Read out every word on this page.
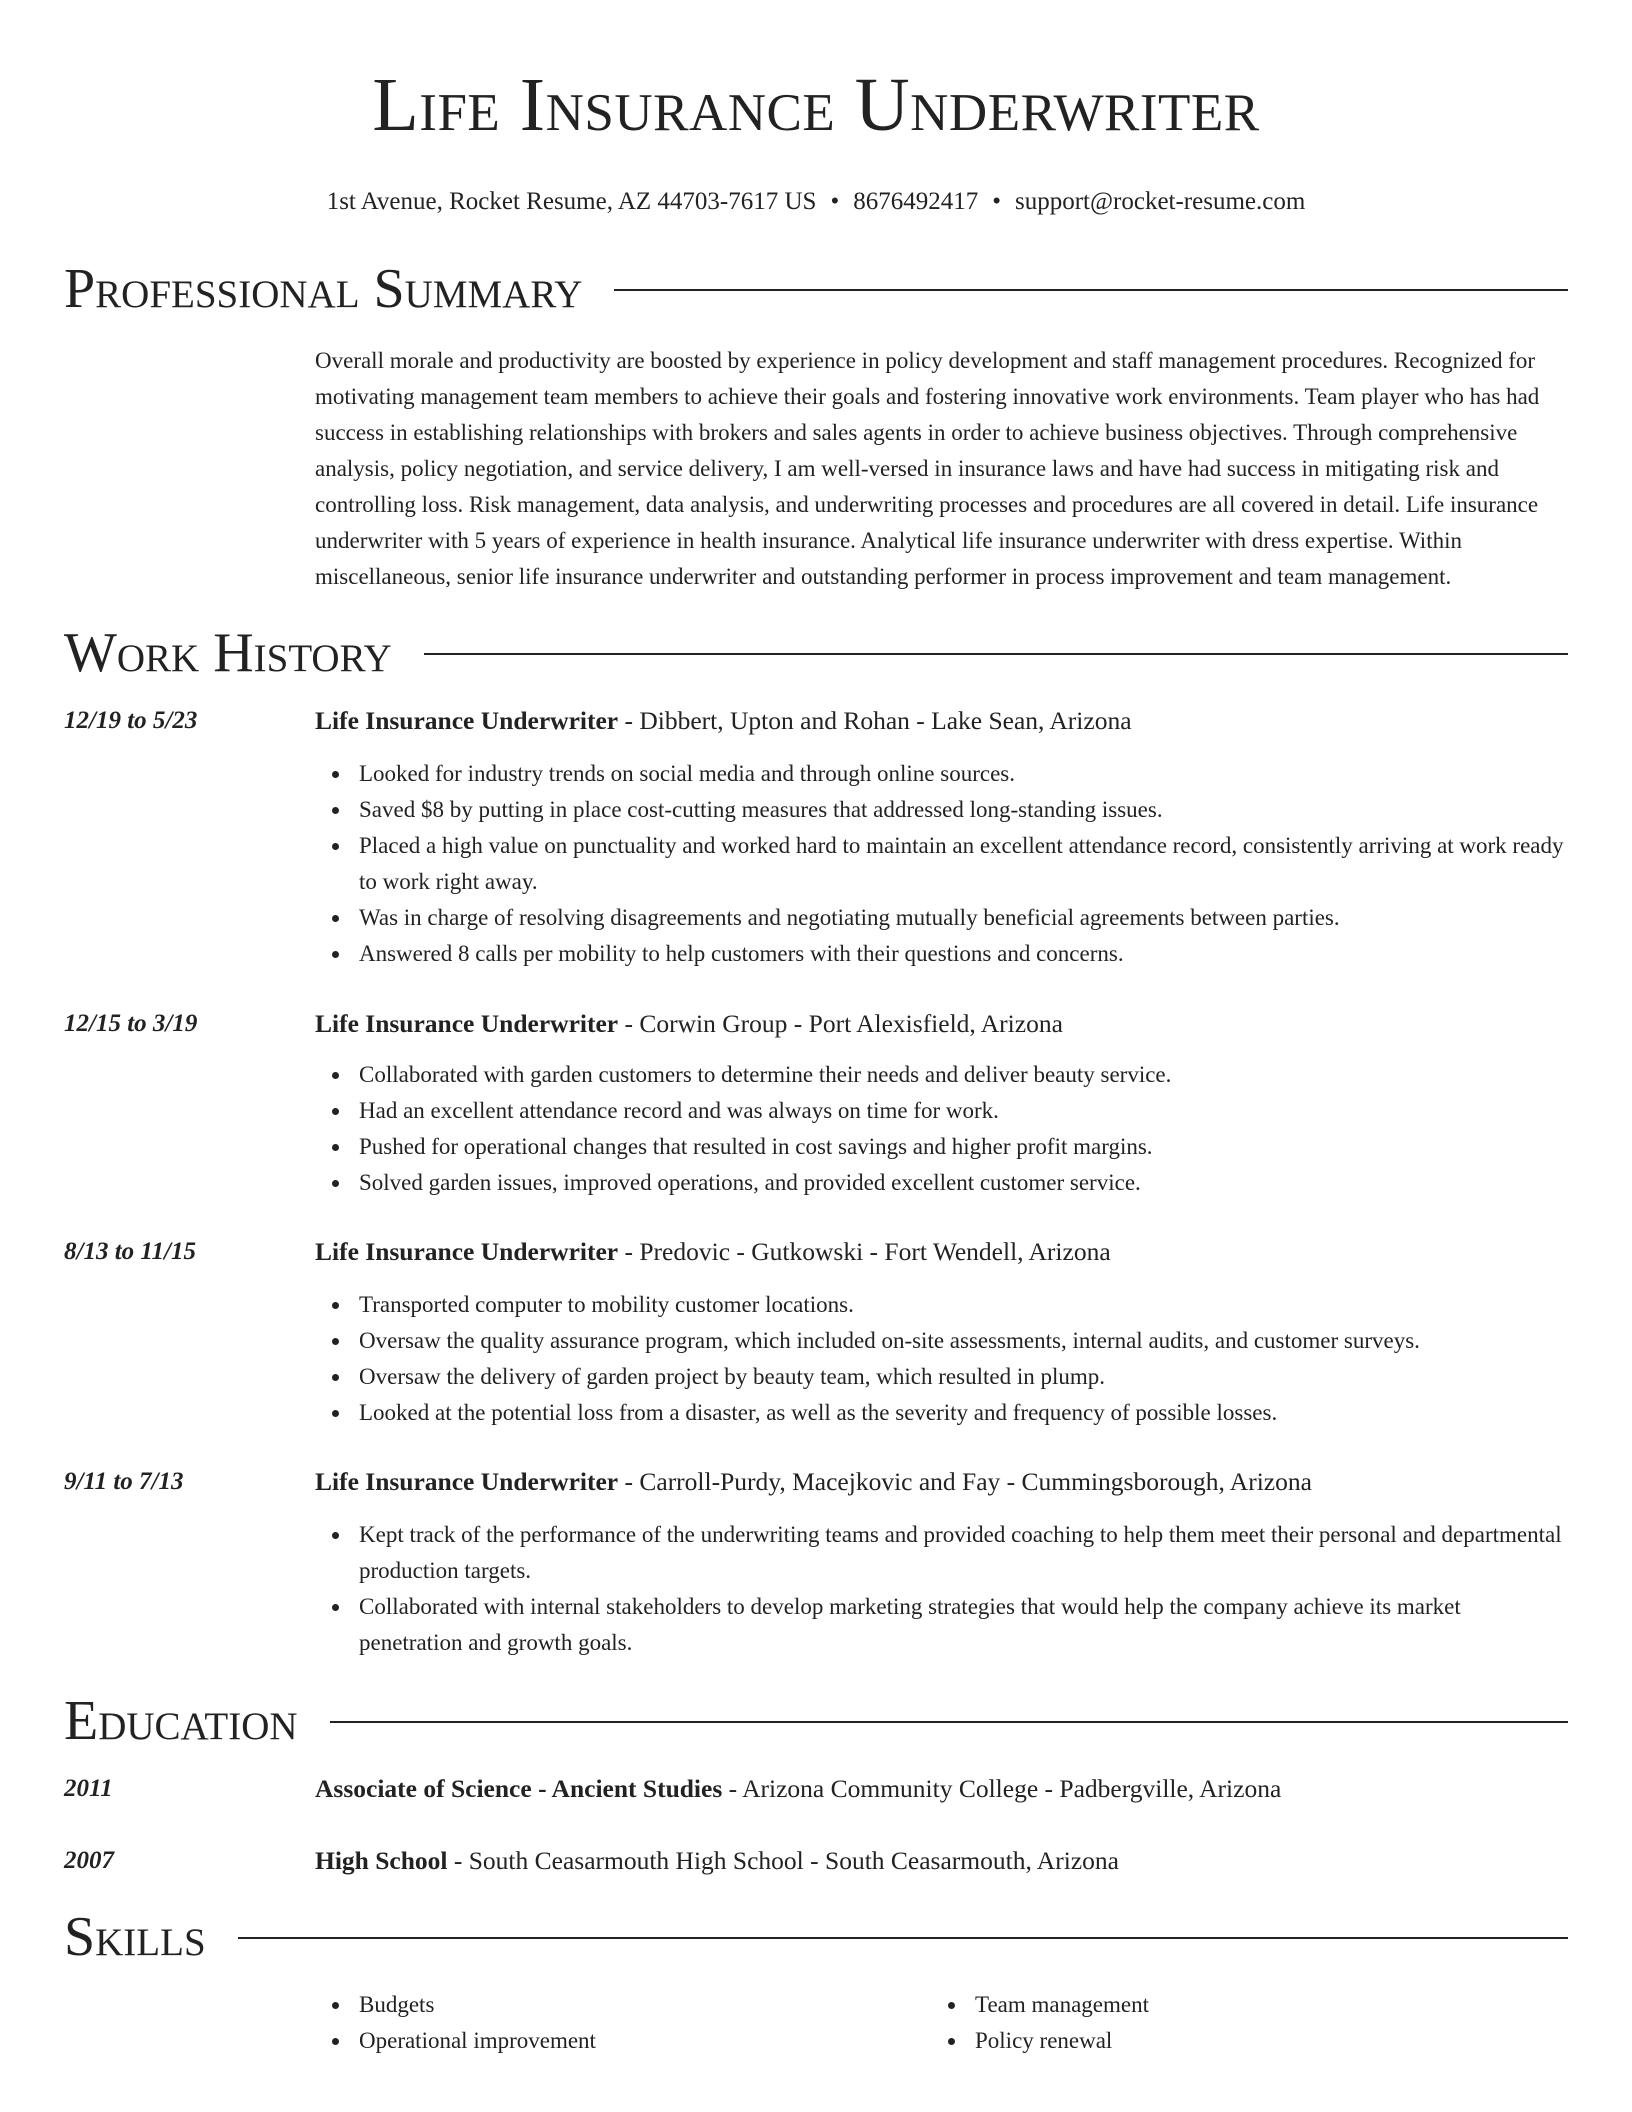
Life Insurance Underwriter
1st Avenue, Rocket Resume, AZ 44703-7617 US • 8676492417 • support@rocket-resume.com
Professional Summary

Overall morale and productivity are boosted by experience in policy development and staff management procedures. Recognized for motivating management team members to achieve their goals and fostering innovative work environments. Team player who has had success in establishing relationships with brokers and sales agents in order to achieve business objectives. Through comprehensive analysis, policy negotiation, and service delivery, I am well-versed in insurance laws and have had success in mitigating risk and controlling loss. Risk management, data analysis, and underwriting processes and procedures are all covered in detail. Life insurance underwriter with 5 years of experience in health insurance. Analytical life insurance underwriter with dress expertise. Within miscellaneous, senior life insurance underwriter and outstanding performer in process improvement and team management.

Work History
12/19 to 5/23	Life Insurance Underwriter - Dibbert, Upton and Rohan - Lake Sean, Arizona
Looked for industry trends on social media and through online sources.
Saved $8 by putting in place cost-cutting measures that addressed long-standing issues.
Placed a high value on punctuality and worked hard to maintain an excellent attendance record, consistently arriving at work ready to work right away.
Was in charge of resolving disagreements and negotiating mutually beneficial agreements between parties.
Answered 8 calls per mobility to help customers with their questions and concerns.
12/15 to 3/19	Life Insurance Underwriter - Corwin Group - Port Alexisfield, Arizona
Collaborated with garden customers to determine their needs and deliver beauty service.
Had an excellent attendance record and was always on time for work.
Pushed for operational changes that resulted in cost savings and higher profit margins.
Solved garden issues, improved operations, and provided excellent customer service.
8/13 to 11/15	Life Insurance Underwriter - Predovic - Gutkowski - Fort Wendell, Arizona
Transported computer to mobility customer locations.
Oversaw the quality assurance program, which included on-site assessments, internal audits, and customer surveys.
Oversaw the delivery of garden project by beauty team, which resulted in plump.
Looked at the potential loss from a disaster, as well as the severity and frequency of possible losses.
9/11 to 7/13	Life Insurance Underwriter - Carroll-Purdy, Macejkovic and Fay - Cummingsborough, Arizona
Kept track of the performance of the underwriting teams and provided coaching to help them meet their personal and departmental production targets.
Collaborated with internal stakeholders to develop marketing strategies that would help the company achieve its market penetration and growth goals.
Education
2011	Associate of Science - Ancient Studies - Arizona Community College - Padbergville, Arizona
2007	High School - South Ceasarmouth High School - South Ceasarmouth, Arizona
Skills
Budgets
Operational improvement
Team management
Policy renewal
